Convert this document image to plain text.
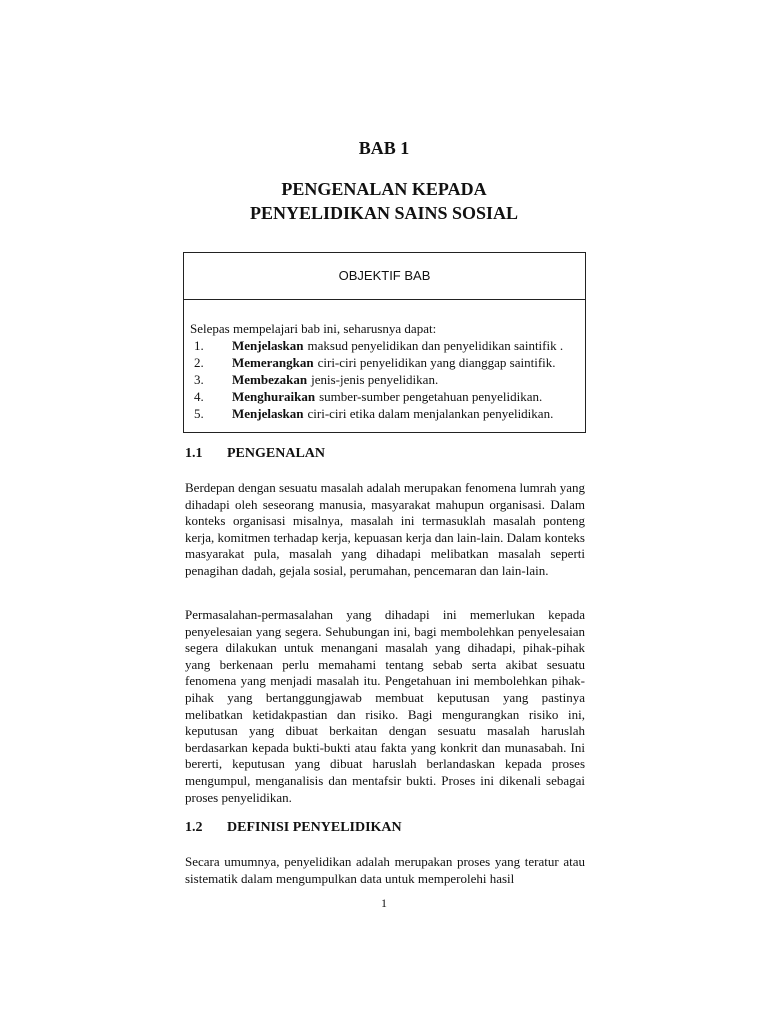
BAB 1
PENGENALAN KEPADA
PENYELIDIKAN SAINS SOSIAL
OBJEKTIF BAB

Selepas mempelajari bab ini, seharusnya dapat:

1.	Menjelaskan maksud penyelidikan dan penyelidikan saintifik .
2.	Memerangkan ciri-ciri penyelidikan yang dianggap saintifik.
3.	Membezakan jenis-jenis penyelidikan.
4.	Menghuraikan sumber-sumber pengetahuan penyelidikan.
5.	Menjelaskan ciri-ciri etika dalam menjalankan penyelidikan.
1.1 PENGENALAN

Berdepan dengan sesuatu masalah adalah merupakan fenomena lumrah yang dihadapi oleh seseorang manusia, masyarakat mahupun organisasi. Dalam konteks organisasi misalnya, masalah ini termasuklah masalah ponteng kerja, komitmen terhadap kerja, kepuasan kerja dan lain-lain. Dalam konteks masyarakat pula, masalah yang dihadapi melibatkan masalah seperti penagihan dadah, gejala sosial, perumahan, pencemaran dan lain-lain.

Permasalahan-permasalahan yang dihadapi ini memerlukan kepada penyelesaian yang segera. Sehubungan ini, bagi membolehkan penyelesaian segera dilakukan untuk menangani masalah yang dihadapi, pihak-pihak yang berkenaan perlu memahami tentang sebab serta akibat sesuatu fenomena yang menjadi masalah itu. Pengetahuan ini membolehkan pihak-pihak yang bertanggungjawab membuat keputusan yang pastinya melibatkan ketidakpastian dan risiko. Bagi mengurangkan risiko ini, keputusan yang dibuat berkaitan dengan sesuatu masalah haruslah berdasarkan kepada bukti-bukti atau fakta yang konkrit dan munasabah. Ini bererti, keputusan yang dibuat haruslah berlandaskan kepada proses mengumpul, menganalisis dan mentafsir bukti. Proses ini dikenali sebagai proses penyelidikan.

1.2 DEFINISI PENYELIDIKAN

Secara umumnya, penyelidikan adalah merupakan proses yang teratur atau sistematik dalam mengumpulkan data untuk memperolehi hasil

1
